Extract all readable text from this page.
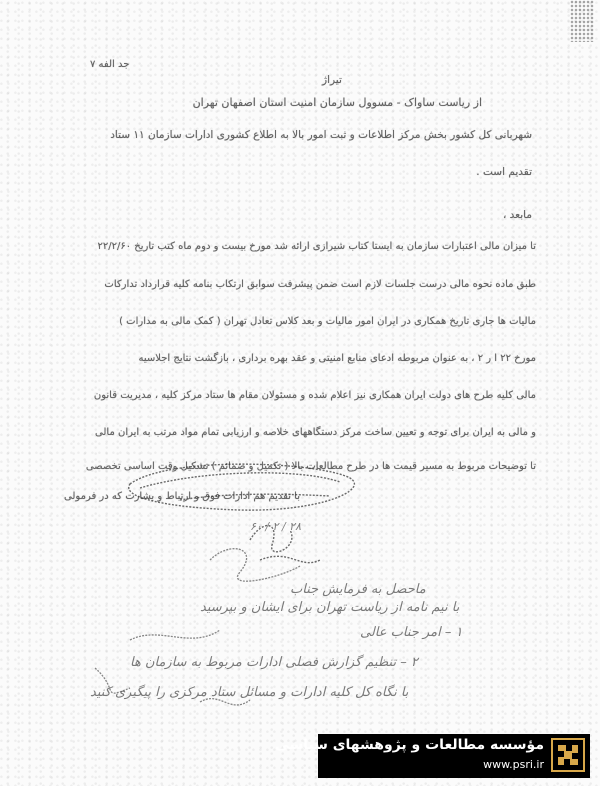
جد الفه ٧
تیراژ
از ریاست ساواک - مسوول سازمان امنیت استان اصفهان تهران
شهربانی کل کشور بخش مرکز اطلاعات و ثبت امور بالا به اطلاع کشوری ادارات سازمان ۱۱ ستاد
تقدیم است .
مابعد ،
تا میزان مالی اعتبارات سازمان به ایستا کتاب شیرازی ارائه شد مورخ بیست و دوم ماه کتب تاریخ ۲۲/۲/۶۰
طبق ماده نحوه مالی درست جلسات لازم است ضمن پیشرفت سوابق ارتکاب بنامه کلیه قرارداد تدارکات
مالیات ها جاری تاریخ همکاری در ایران امور مالیات و بعد کلاس تعادل تهران ( کمک مالی به مدارات )
مورخ ۲۲ ا ر ۲ ، به عنوان مربوطه ادعای منابع امنیتی و عقد بهره برداری ، بازگشت نتایج اجلاسیه
مالی کلیه طرح های دولت ایران همکاری نیز اعلام شده و مسئولان مقام ها ستاد مرکز کلیه ، مدیریت قانون
و مالی به ایران برای توجه و تعیین ساخت مرکز دستگاههای خلاصه و ارزیابی تمام مواد مرتب به ایران مالی
تا توضیحات مربوط به مسیر قیمت ها در طرح مطالعات بالا ( تکمیل و ضمائم ) تشکیل وقت اساسی تخصصی
با تقدیم هم ادارات فوق و ارتباط و بشارت که در فرمولی
۲۸ / ۲ / ۶۰
ماحصل به فرمایش جناب
با نیم نامه از ریاست تهران برای ایشان و بپرسید
۱ – امر جناب عالی
۲ – تنظیم گزارش فصلی ادارات مربوط به سازمان ها
با نگاه کل کلیه ادارات و مسائل ستاد مرکزی را پیگیری کنید
مؤسسه مطالعات و پژوهشهای سیاسی
www.psri.ir
